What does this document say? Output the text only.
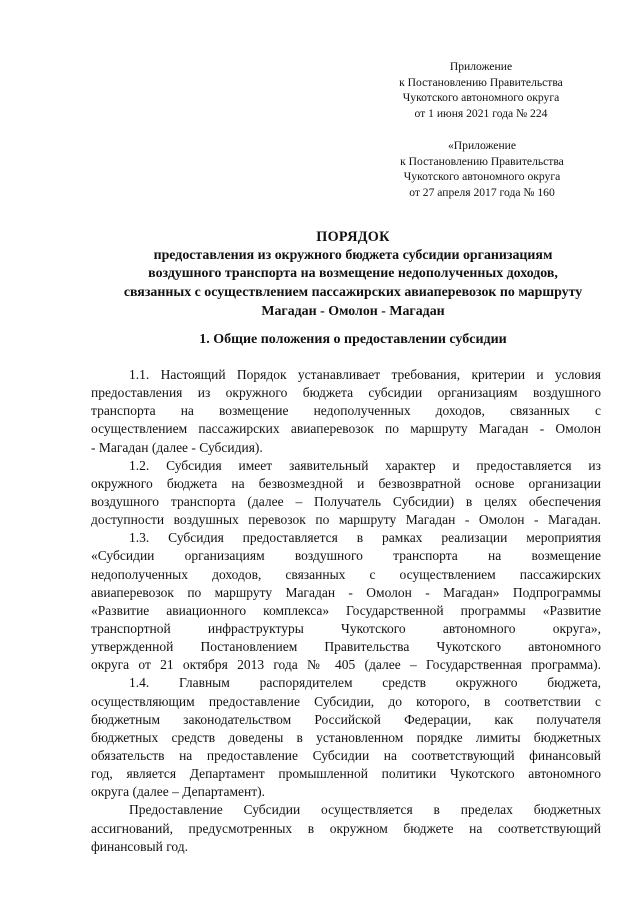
Приложение
к Постановлению Правительства
Чукотского автономного округа
от 1 июня 2021 года № 224
«Приложение
к Постановлению Правительства
Чукотского автономного округа
от 27 апреля 2017 года № 160
ПОРЯДОК
предоставления из окружного бюджета субсидии организациям
воздушного транспорта на возмещение недополученных доходов,
связанных с осуществлением пассажирских авиаперевозок по маршруту
Магадан - Омолон - Магадан
1. Общие положения о предоставлении субсидии
1.1. Настоящий Порядок устанавливает требования, критерии и условия
предоставления из окружного бюджета субсидии организациям воздушного
транспорта на возмещение недополученных доходов, связанных с
осуществлением пассажирских авиаперевозок по маршруту Магадан - Омолон
- Магадан (далее - Субсидия).
1.2. Субсидия имеет заявительный характер и предоставляется из
окружного бюджета на безвозмездной и безвозвратной основе организации
воздушного транспорта (далее – Получатель Субсидии) в целях обеспечения
доступности воздушных перевозок по маршруту Магадан - Омолон - Магадан.
1.3. Субсидия предоставляется в рамках реализации мероприятия
«Субсидии организациям воздушного транспорта на возмещение
недополученных доходов, связанных с осуществлением пассажирских
авиаперевозок по маршруту Магадан - Омолон - Магадан» Подпрограммы
«Развитие авиационного комплекса» Государственной программы «Развитие
транспортной инфраструктуры Чукотского автономного округа»,
утвержденной Постановлением Правительства Чукотского автономного
округа от 21 октября 2013 года № 405 (далее – Государственная программа).
1.4. Главным распорядителем средств окружного бюджета,
осуществляющим предоставление Субсидии, до которого, в соответствии с
бюджетным законодательством Российской Федерации, как получателя
бюджетных средств доведены в установленном порядке лимиты бюджетных
обязательств на предоставление Субсидии на соответствующий финансовый
год, является Департамент промышленной политики Чукотского автономного
округа (далее – Департамент).
Предоставление Субсидии осуществляется в пределах бюджетных
ассигнований, предусмотренных в окружном бюджете на соответствующий
финансовый год.
